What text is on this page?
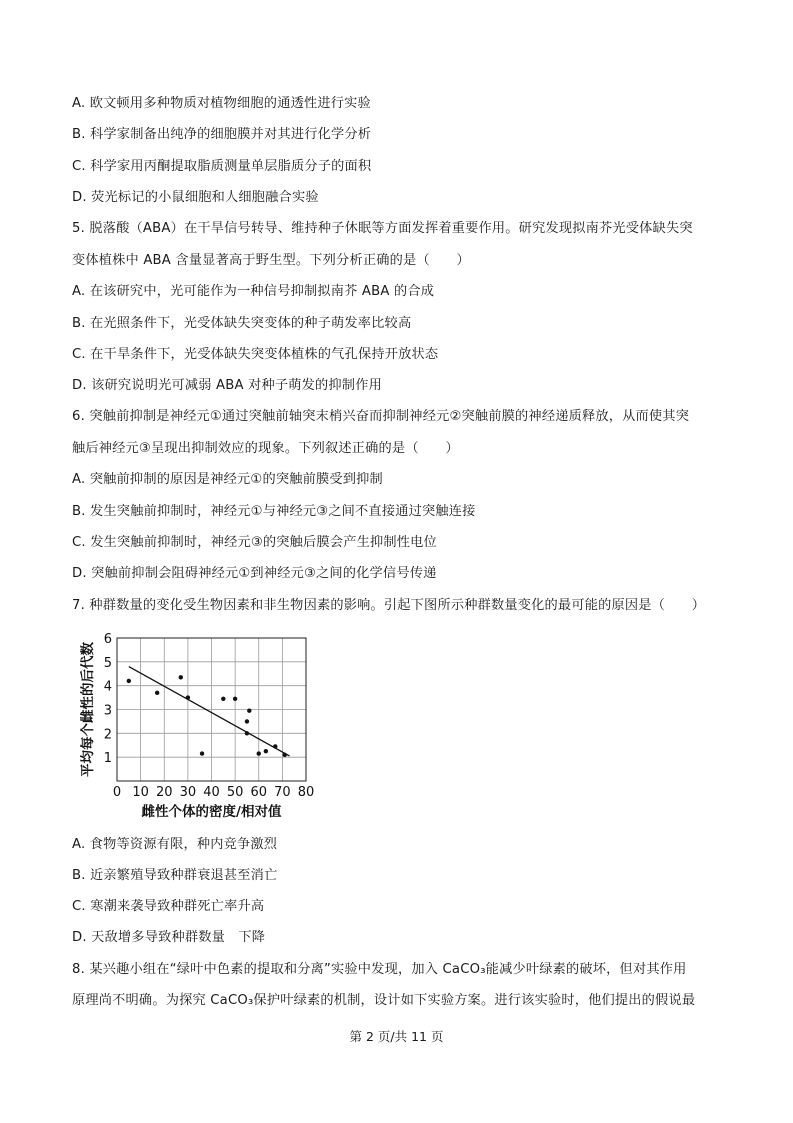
A. 欧文顿用多种物质对植物细胞的通透性进行实验
B. 科学家制备出纯净的细胞膜并对其进行化学分析
C. 科学家用丙酮提取脂质测量单层脂质分子的面积
D. 荧光标记的小鼠细胞和人细胞融合实验
5. 脱落酸（ABA）在干旱信号转导、维持种子休眠等方面发挥着重要作用。研究发现拟南芥光受体缺失突
变体植株中 ABA 含量显著高于野生型。下列分析正确的是（　　）
A. 在该研究中，光可能作为一种信号抑制拟南芥 ABA 的合成
B. 在光照条件下，光受体缺失突变体的种子萌发率比较高
C. 在干旱条件下，光受体缺失突变体植株的气孔保持开放状态
D. 该研究说明光可减弱 ABA 对种子萌发的抑制作用
6. 突触前抑制是神经元①通过突触前轴突末梢兴奋而抑制神经元②突触前膜的神经递质释放，从而使其突
触后神经元③呈现出抑制效应的现象。下列叙述正确的是（　　）
A. 突触前抑制的原因是神经元①的突触前膜受到抑制
B. 发生突触前抑制时，神经元①与神经元③之间不直接通过突触连接
C. 发生突触前抑制时，神经元③的突触后膜会产生抑制性电位
D. 突触前抑制会阻碍神经元①到神经元③之间的化学信号传递
7. 种群数量的变化受生物因素和非生物因素的影响。引起下图所示种群数量变化的最可能的原因是（　　）
0 10 20 30 40 50 60 70 80
1
2
3
4
5
6
雌性个体的密度/相对值
平均每个雌性的后代数
A. 食物等资源有限，种内竞争激烈
B. 近亲繁殖导致种群衰退甚至消亡
C. 寒潮来袭导致种群死亡率升高
D. 天敌增多导致种群数量　下降
8. 某兴趣小组在“绿叶中色素的提取和分离”实验中发现，加入 CaCO₃能减少叶绿素的破坏，但对其作用
原理尚不明确。为探究 CaCO₃保护叶绿素的机制，设计如下实验方案。进行该实验时，他们提出的假说最
第 2 页/共 11 页
